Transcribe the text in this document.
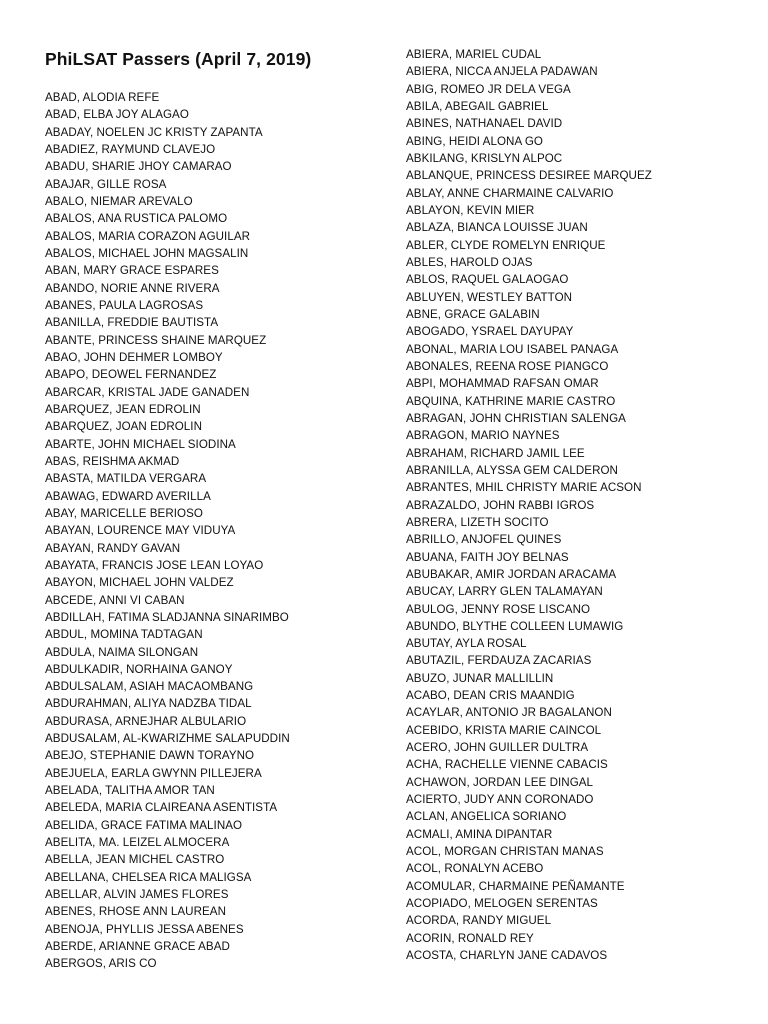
PhiLSAT Passers (April 7, 2019)
ABAD, ALODIA REFE
ABAD, ELBA JOY ALAGAO
ABADAY, NOELEN JC KRISTY ZAPANTA
ABADIEZ, RAYMUND CLAVEJO
ABADU, SHARIE JHOY CAMARAO
ABAJAR, GILLE ROSA
ABALO, NIEMAR AREVALO
ABALOS, ANA RUSTICA PALOMO
ABALOS, MARIA CORAZON AGUILAR
ABALOS, MICHAEL JOHN MAGSALIN
ABAN, MARY GRACE ESPARES
ABANDO, NORIE ANNE RIVERA
ABANES, PAULA LAGROSAS
ABANILLA, FREDDIE BAUTISTA
ABANTE, PRINCESS SHAINE MARQUEZ
ABAO, JOHN DEHMER LOMBOY
ABAPO, DEOWEL FERNANDEZ
ABARCAR, KRISTAL JADE GANADEN
ABARQUEZ, JEAN EDROLIN
ABARQUEZ, JOAN EDROLIN
ABARTE, JOHN MICHAEL SIODINA
ABAS, REISHMA AKMAD
ABASTA, MATILDA VERGARA
ABAWAG, EDWARD AVERILLA
ABAY, MARICELLE BERIOSO
ABAYAN, LOURENCE MAY VIDUYA
ABAYAN, RANDY GAVAN
ABAYATA, FRANCIS JOSE LEAN LOYAO
ABAYON, MICHAEL JOHN VALDEZ
ABCEDE, ANNI VI CABAN
ABDILLAH, FATIMA SLADJANNA SINARIMBO
ABDUL, MOMINA TADTAGAN
ABDULA, NAIMA SILONGAN
ABDULKADIR, NORHAINA GANOY
ABDULSALAM, ASIAH MACAOMBANG
ABDURAHMAN, ALIYA NADZBA TIDAL
ABDURASA, ARNEJHAR ALBULARIO
ABDUSALAM, AL-KWARIZHME SALAPUDDIN
ABEJO, STEPHANIE DAWN TORAYNO
ABEJUELA, EARLA GWYNN PILLEJERA
ABELADA, TALITHA AMOR TAN
ABELEDA, MARIA CLAIREANA ASENTISTA
ABELIDA, GRACE FATIMA MALINAO
ABELITA, MA. LEIZEL ALMOCERA
ABELLA, JEAN MICHEL CASTRO
ABELLANA, CHELSEA RICA MALIGSA
ABELLAR, ALVIN JAMES FLORES
ABENES, RHOSE ANN LAUREAN
ABENOJA, PHYLLIS JESSA ABENES
ABERDE, ARIANNE GRACE ABAD
ABERGOS, ARIS CO
ABIERA, MARIEL CUDAL
ABIERA, NICCA ANJELA PADAWAN
ABIG, ROMEO JR DELA VEGA
ABILA, ABEGAIL GABRIEL
ABINES, NATHANAEL DAVID
ABING, HEIDI ALONA GO
ABKILANG, KRISLYN ALPOC
ABLANQUE, PRINCESS DESIREE MARQUEZ
ABLAY, ANNE CHARMAINE CALVARIO
ABLAYON, KEVIN MIER
ABLAZA, BIANCA LOUISSE JUAN
ABLER, CLYDE ROMELYN ENRIQUE
ABLES, HAROLD OJAS
ABLOS, RAQUEL GALAOGAO
ABLUYEN, WESTLEY BATTON
ABNE, GRACE GALABIN
ABOGADO, YSRAEL DAYUPAY
ABONAL, MARIA LOU ISABEL PANAGA
ABONALES, REENA ROSE PIANGCO
ABPI, MOHAMMAD RAFSAN OMAR
ABQUINA, KATHRINE MARIE CASTRO
ABRAGAN, JOHN CHRISTIAN SALENGA
ABRAGON, MARIO NAYNES
ABRAHAM, RICHARD JAMIL LEE
ABRANILLA, ALYSSA GEM CALDERON
ABRANTES, MHIL CHRISTY MARIE ACSON
ABRAZALDO, JOHN RABBI IGROS
ABRERA, LIZETH SOCITO
ABRILLO, ANJOFEL QUINES
ABUANA, FAITH JOY BELNAS
ABUBAKAR, AMIR JORDAN ARACAMA
ABUCAY, LARRY GLEN TALAMAYAN
ABULOG, JENNY ROSE LISCANO
ABUNDO, BLYTHE COLLEEN LUMAWIG
ABUTAY, AYLA ROSAL
ABUTAZIL, FERDAUZA ZACARIAS
ABUZO, JUNAR MALLILLIN
ACABO, DEAN CRIS MAANDIG
ACAYLAR, ANTONIO JR BAGALANON
ACEBIDO, KRISTA MARIE CAINCOL
ACERO, JOHN GUILLER DULTRA
ACHA, RACHELLE VIENNE CABACIS
ACHAWON, JORDAN LEE DINGAL
ACIERTO, JUDY ANN CORONADO
ACLAN, ANGELICA SORIANO
ACMALI, AMINA DIPANTAR
ACOL, MORGAN CHRISTAN MANAS
ACOL, RONALYN ACEBO
ACOMULAR, CHARMAINE PEÑAMANTE
ACOPIADO, MELOGEN SERENTAS
ACORDA, RANDY MIGUEL
ACORIN, RONALD REY
ACOSTA, CHARLYN JANE CADAVOS
